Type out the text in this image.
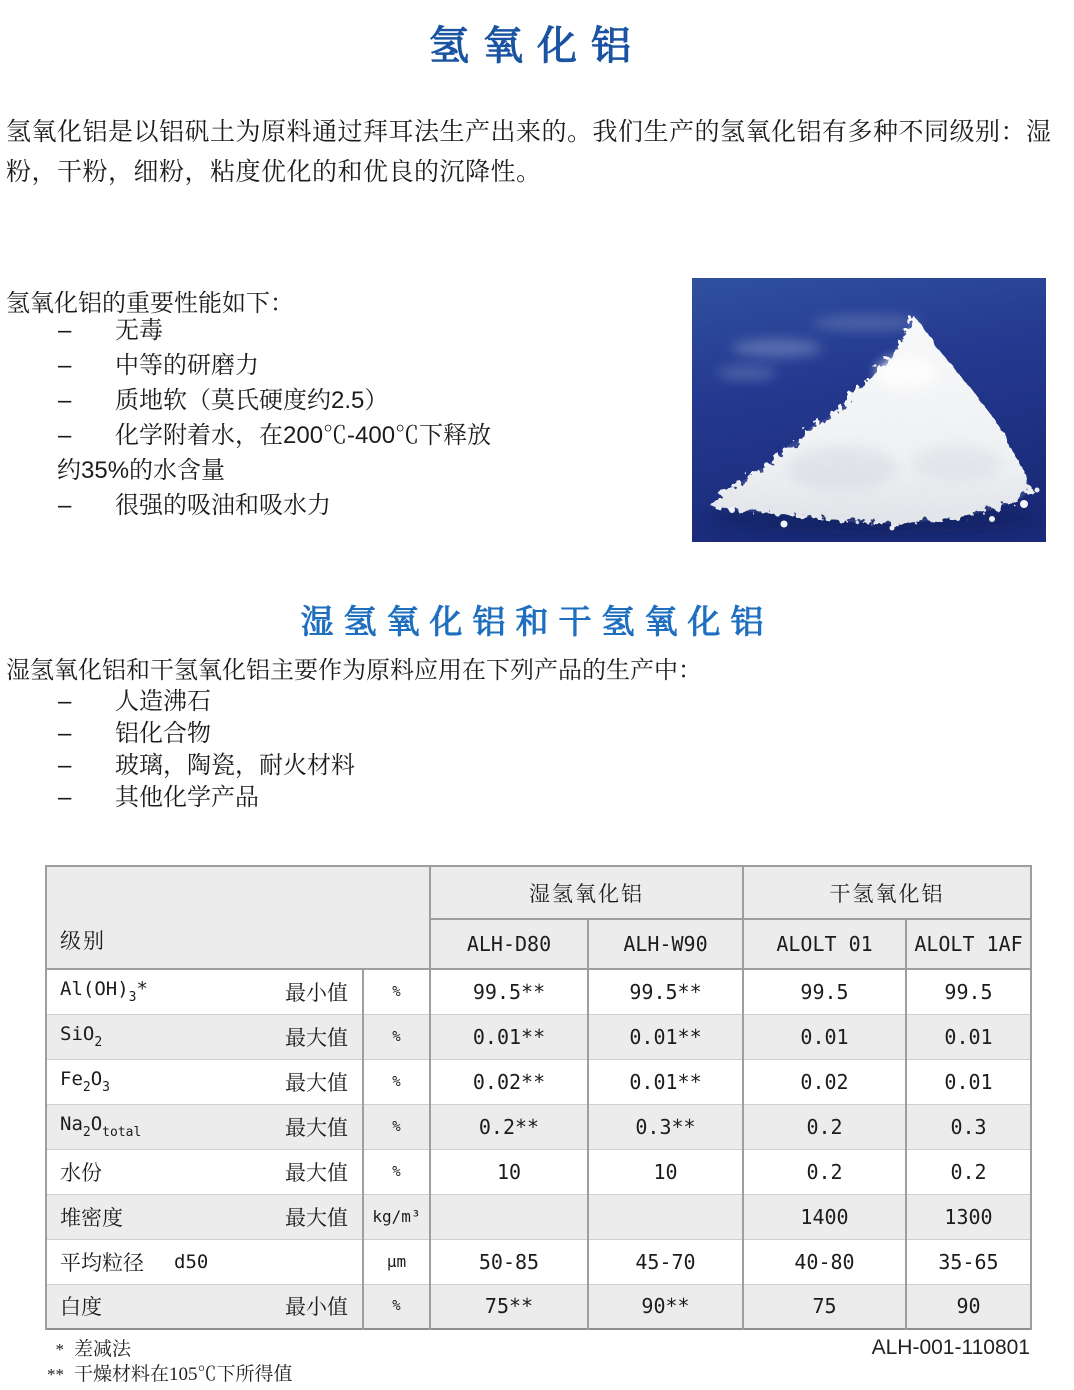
氢氧化铝
氢氧化铝是以铝矾土为原料通过拜耳法生产出来的。我们生产的氢氧化铝有多种不同级别：湿粉，干粉，细粉，粘度优化的和优良的沉降性。
氢氧化铝的重要性能如下：
– 无毒
– 中等的研磨力
– 质地软（莫氏硬度约2.5）
– 化学附着水，在200℃-400℃下释放
约35%的水含量
– 很强的吸油和吸水力
湿氢氧化铝和干氢氧化铝
湿氢氧化铝和干氢氧化铝主要作为原料应用在下列产品的生产中：
– 人造沸石
– 铝化合物
– 玻璃，陶瓷，耐火材料
– 其他化学产品
级别		湿氢氧化铝		干氢氧化铝	
		ALH-D80	ALH-W90	ALOLT 01	ALOLT 1AF

$Al(OH)_3*$ 最小值	%	99.5**	99.5**	99.5	99.5

SiO$_2$ 最大值	%	0.01**	0.01**	0.01	0.01

$Fe_2O_3$ 最大值	%	0.02**	0.01**	0.02	0.01

$Na_2O_{total}$ 最大值	%	0.2**	0.3**	0.2	0.3

水份 最大值	%	10	10	0.2	0.2

堆密度 最大值	kg/m³			1400	1300

平均粒径 d50	μm	50-85	45-70	40-80	35-65

白度 最小值	%	75**	90**	75	90
* 差减法
** 干燥材料在105℃下所得值
ALH-001-110801
